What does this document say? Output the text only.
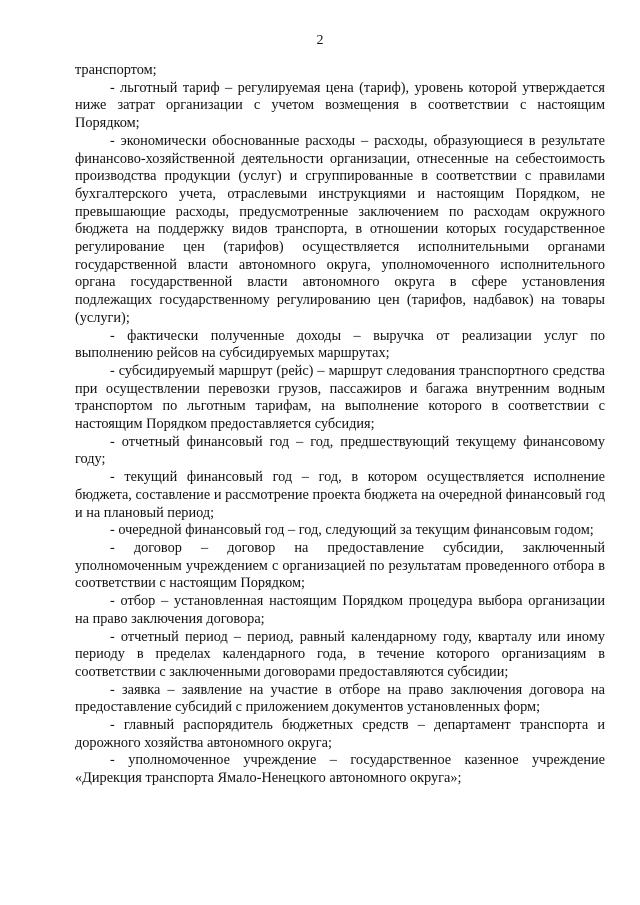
2

транспортом;

- льготный тариф – регулируемая цена (тариф), уровень которой утверждается ниже затрат организации с учетом возмещения в соответствии с настоящим Порядком;

- экономически обоснованные расходы – расходы, образующиеся в результате финансово-хозяйственной деятельности организации, отнесенные на себестоимость производства продукции (услуг) и сгруппированные в соответствии с правилами бухгалтерского учета, отраслевыми инструкциями и настоящим Порядком, не превышающие расходы, предусмотренные заключением по расходам окружного бюджета на поддержку видов транспорта, в отношении которых государственное регулирование цен (тарифов) осуществляется исполнительными органами государственной власти автономного округа, уполномоченного исполнительного органа государственной власти автономного округа в сфере установления подлежащих государственному регулированию цен (тарифов, надбавок) на товары (услуги);

- фактически полученные доходы – выручка от реализации услуг по выполнению рейсов на субсидируемых маршрутах;

- субсидируемый маршрут (рейс) – маршрут следования транспортного средства при осуществлении перевозки грузов, пассажиров и багажа внутренним водным транспортом по льготным тарифам, на выполнение которого в соответствии с настоящим Порядком предоставляется субсидия;

- отчетный финансовый год – год, предшествующий текущему финансовому году;

- текущий финансовый год – год, в котором осуществляется исполнение бюджета, составление и рассмотрение проекта бюджета на очередной финансовый год и на плановый период;

- очередной финансовый год – год, следующий за текущим финансовым годом;

- договор – договор на предоставление субсидии, заключенный уполномоченным учреждением с организацией по результатам проведенного отбора в соответствии с настоящим Порядком;

- отбор – установленная настоящим Порядком процедура выбора организации на право заключения договора;

- отчетный период – период, равный календарному году, кварталу или иному периоду в пределах календарного года, в течение которого организациям в соответствии с заключенными договорами предоставляются субсидии;

- заявка – заявление на участие в отборе на право заключения договора на предоставление субсидий с приложением документов установленных форм;

- главный распорядитель бюджетных средств – департамент транспорта и дорожного хозяйства автономного округа;

- уполномоченное учреждение – государственное казенное учреждение «Дирекция транспорта Ямало-Ненецкого автономного округа»;
